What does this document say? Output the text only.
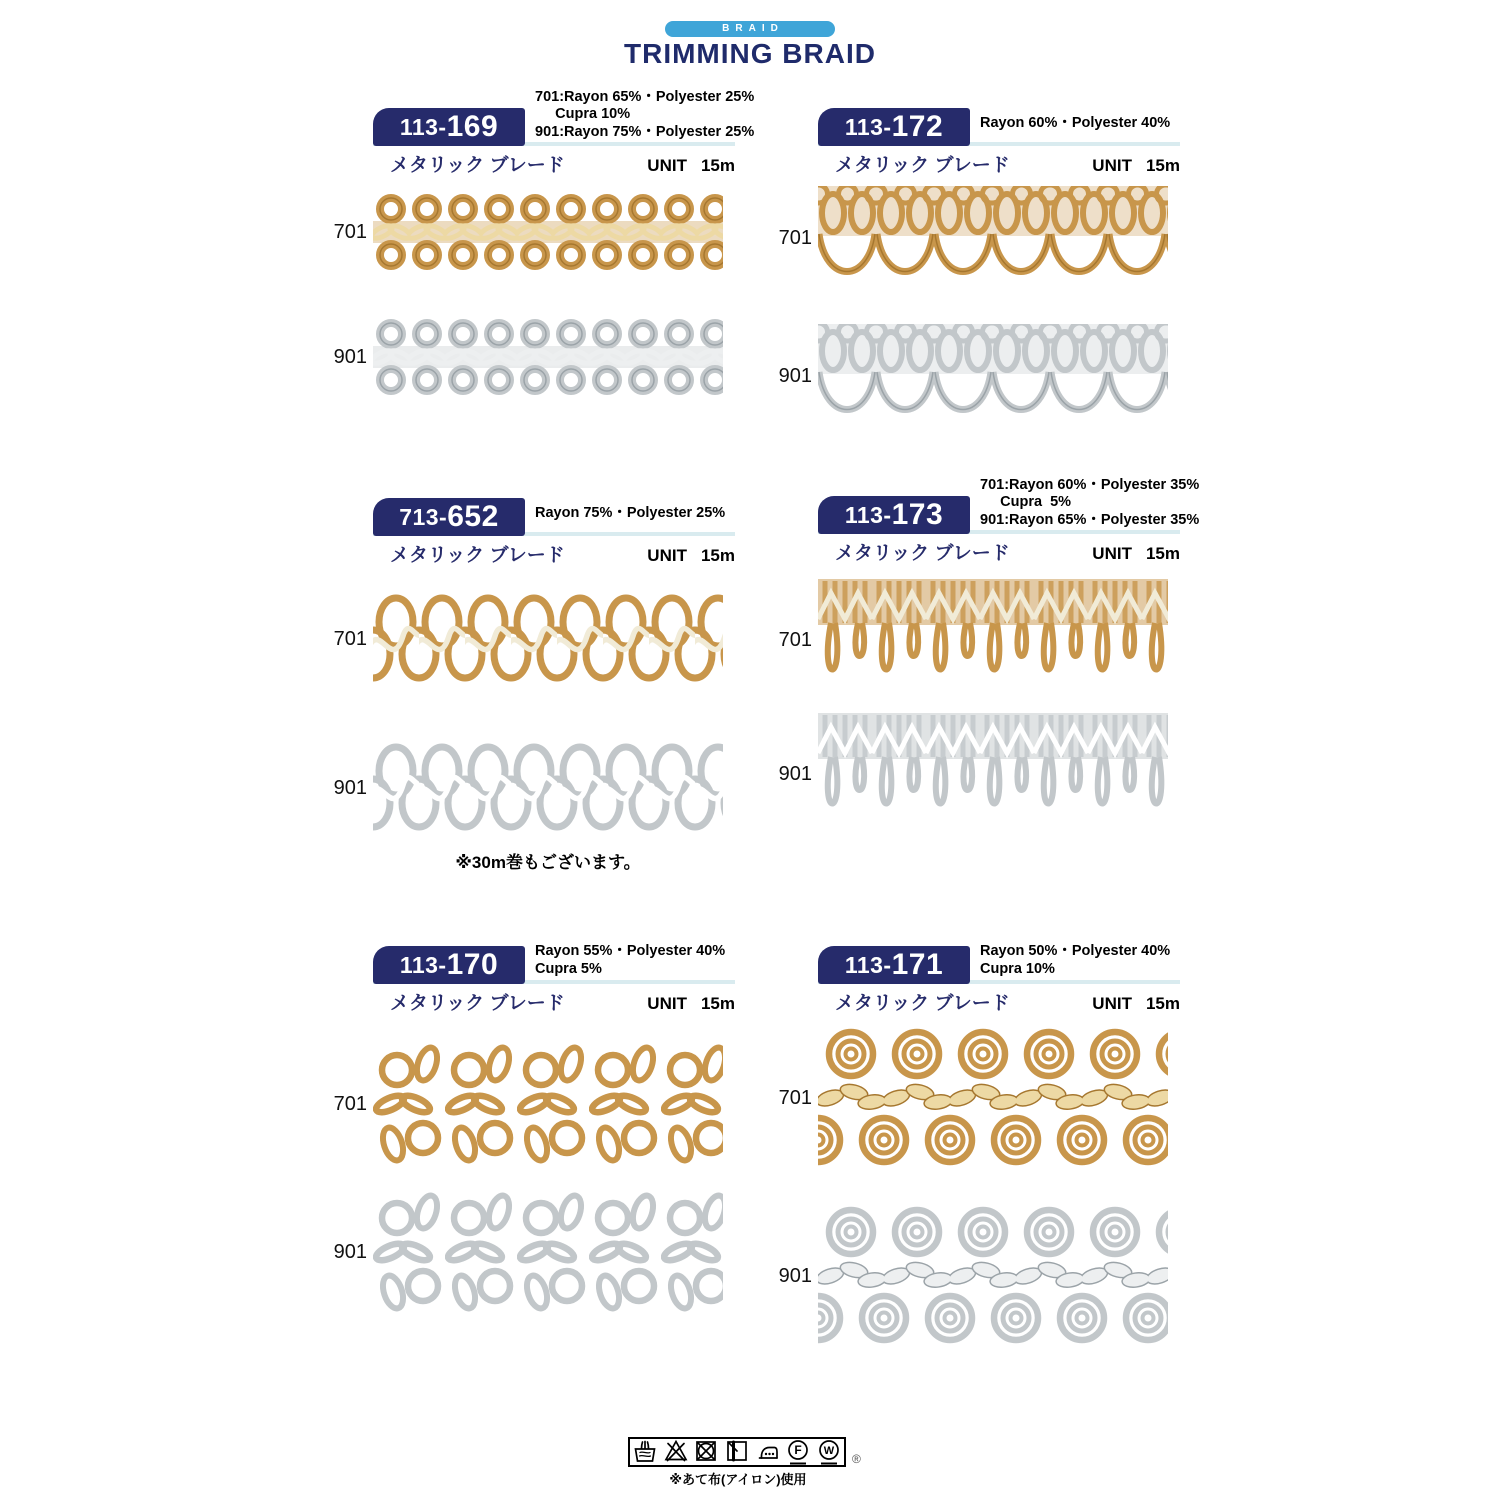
BRAID
TRIMMING BRAID
113- 169
701:Rayon 65%・Polyester 25%
Cupra 10%
901:Rayon 75%・Polyester 25%
メタリック ブレード	UNIT 15m
701
901
113- 172	Rayon 60%・Polyester 40%
メタリック ブレード	UNIT 15m
701
901
713- 652 Rayon 75%・Polyester 25%
メタリック ブレード	UNIT 15m
701
901
※30m巻もございます。
113- 173
701:Rayon 60%・Polyester 35%
Cupra  5%
901:Rayon 65%・Polyester 35%
メタリック ブレード	UNIT 15m
701
901
113- 170	Rayon 55%・Polyester 40%
Cupra 5%
メタリック ブレード	UNIT 15m
701
901
113- 171	Rayon 50%・Polyester 40%
Cupra 10%
メタリック ブレード	UNIT 15m
701
901
F W
®
※あて布(アイロン)使用
